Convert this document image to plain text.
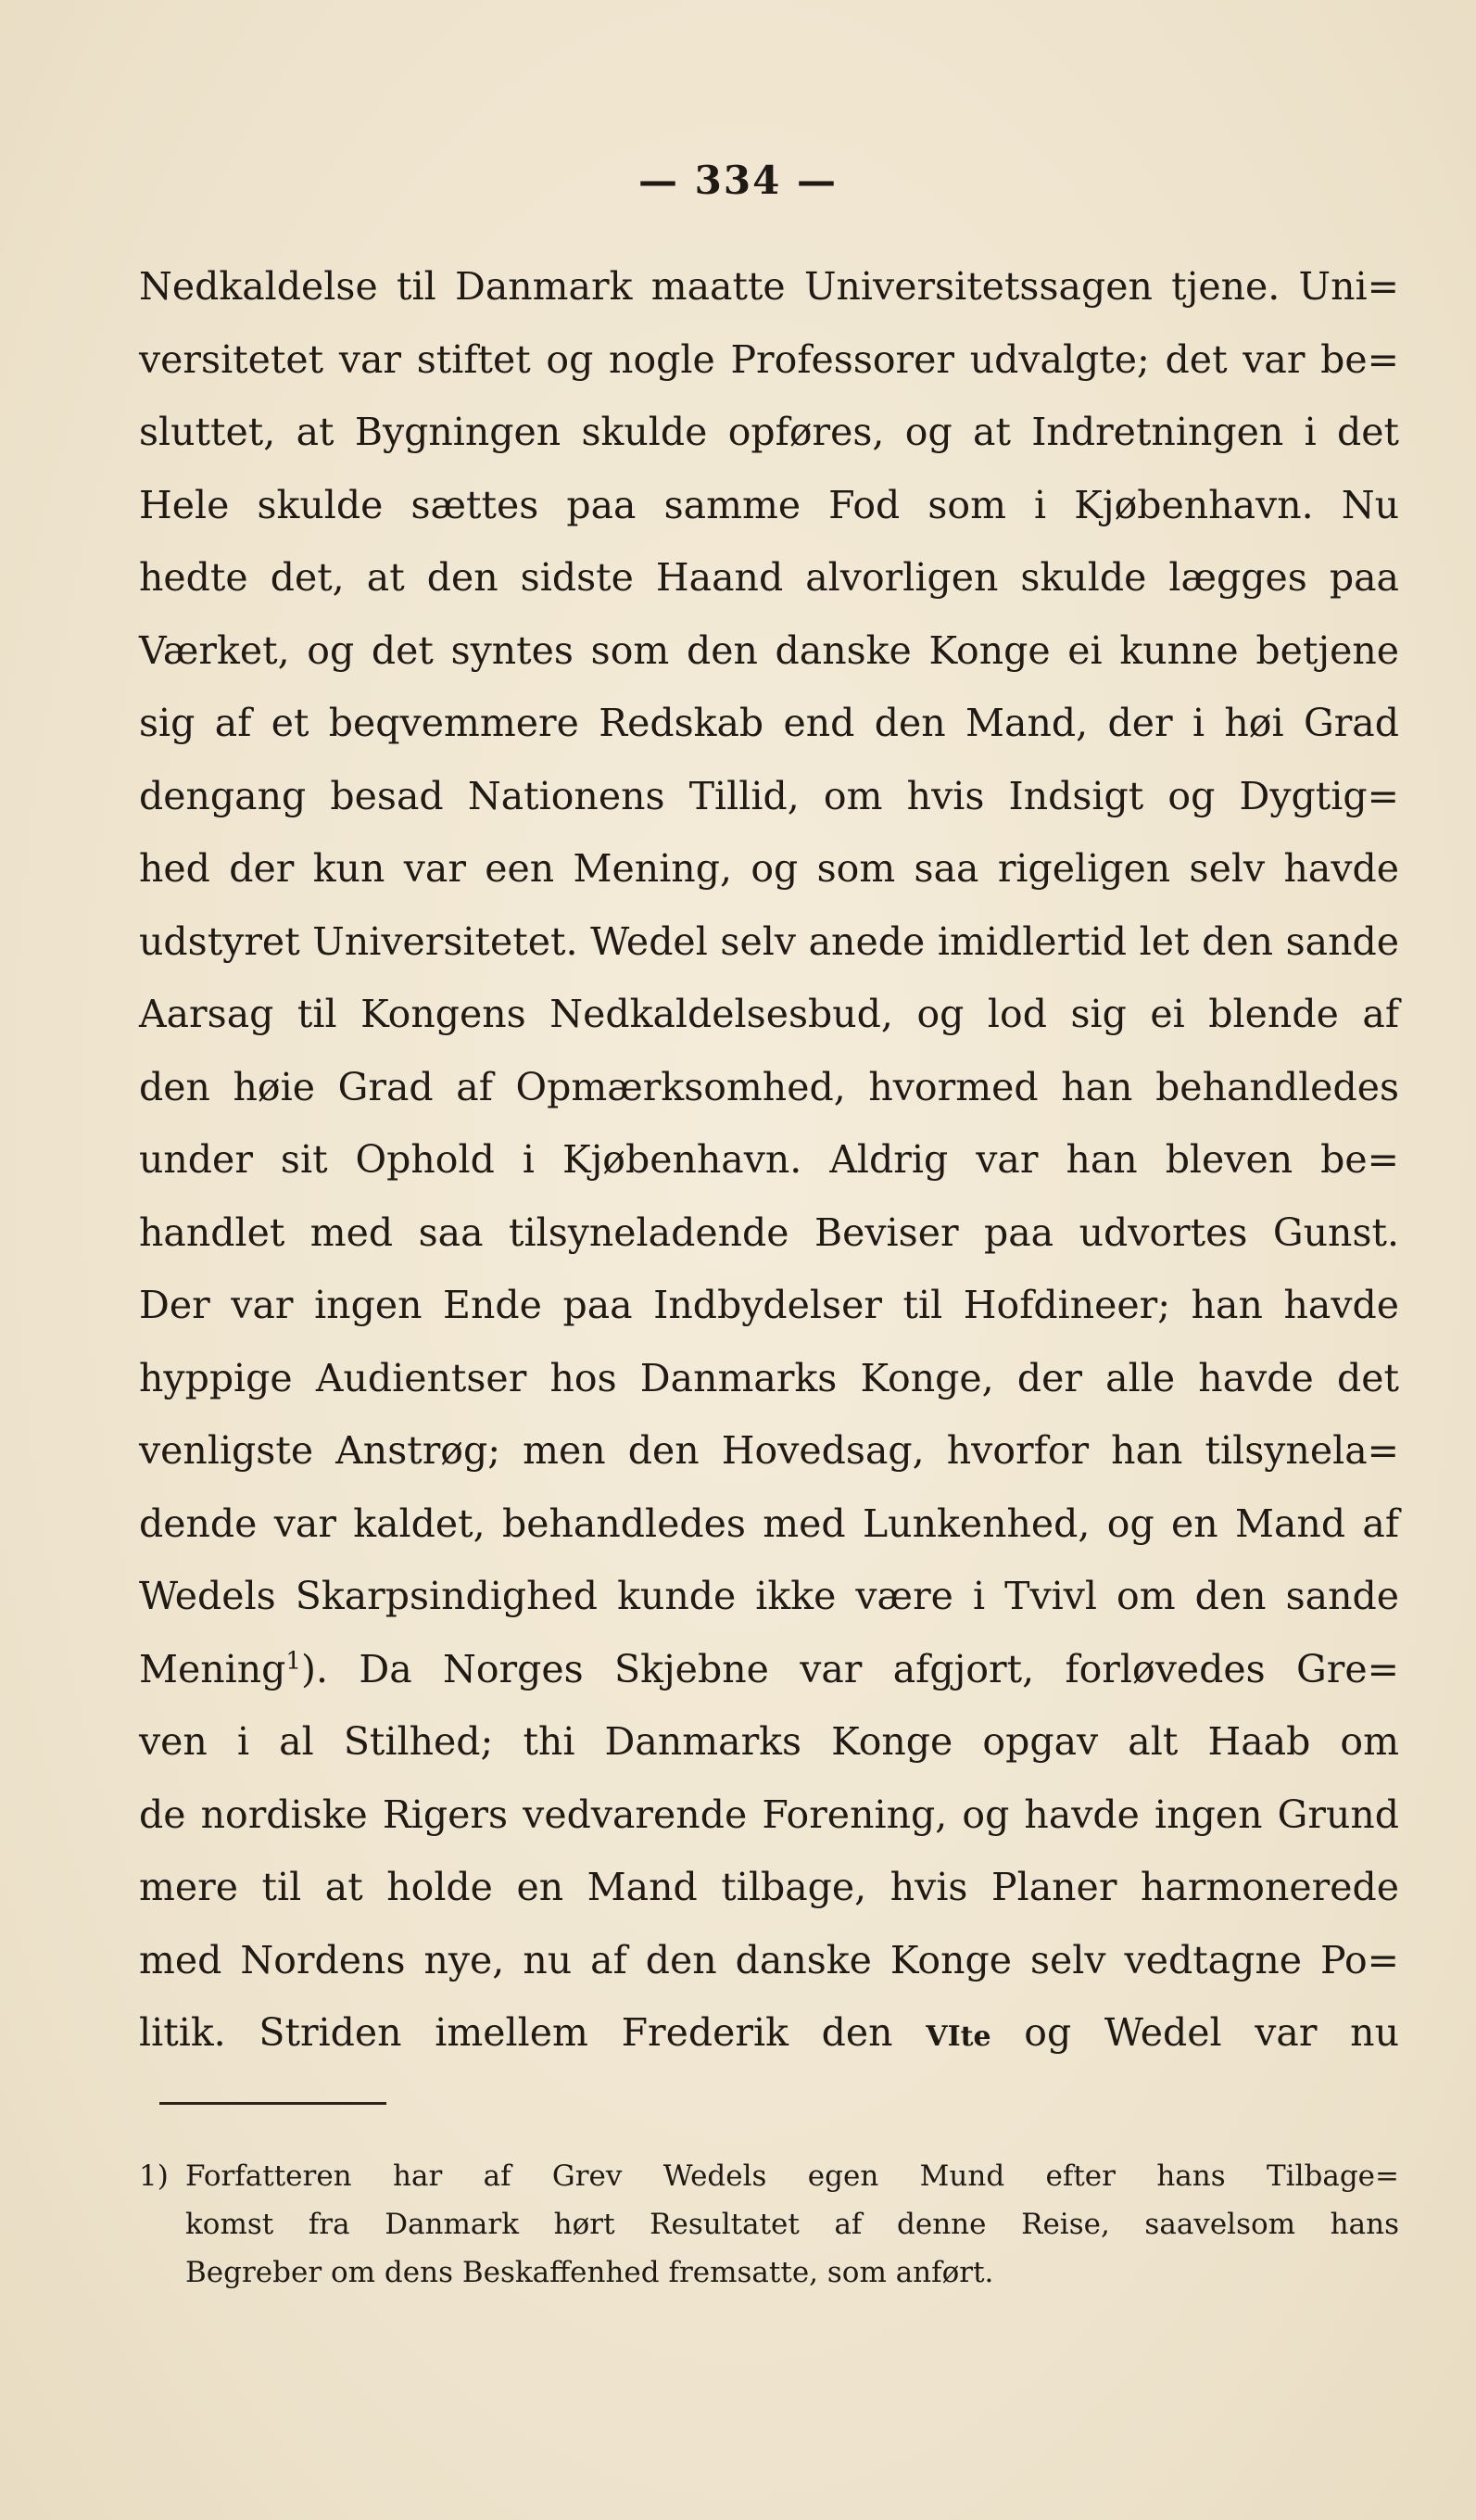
— 334 —
Nedkaldelse til Danmark maatte Universitetssagen tjene. Uni=
versitetet var stiftet og nogle Professorer udvalgte; det var be=
sluttet, at Bygningen skulde opføres, og at Indretningen i det
Hele skulde sættes paa samme Fod som i Kjøbenhavn. Nu
hedte det, at den sidste Haand alvorligen skulde lægges paa
Værket, og det syntes som den danske Konge ei kunne betjene
sig af et beqvemmere Redskab end den Mand, der i høi Grad
dengang besad Nationens Tillid, om hvis Indsigt og Dygtig=
hed der kun var een Mening, og som saa rigeligen selv havde
udstyret Universitetet. Wedel selv anede imidlertid let den sande
Aarsag til Kongens Nedkaldelsesbud, og lod sig ei blende af
den høie Grad af Opmærksomhed, hvormed han behandledes
under sit Ophold i Kjøbenhavn. Aldrig var han bleven be=
handlet med saa tilsyneladende Beviser paa udvortes Gunst.
Der var ingen Ende paa Indbydelser til Hofdineer; han havde
hyppige Audientser hos Danmarks Konge, der alle havde det
venligste Anstrøg; men den Hovedsag, hvorfor han tilsynela=
dende var kaldet, behandledes med Lunkenhed, og en Mand af
Wedels Skarpsindighed kunde ikke være i Tvivl om den sande
Mening$^1$). Da Norges Skjebne var afgjort, forløvedes Gre=
ven i al Stilhed; thi Danmarks Konge opgav alt Haab om
de nordiske Rigers vedvarende Forening, og havde ingen Grund
mere til at holde en Mand tilbage, hvis Planer harmonerede
med Nordens nye, nu af den danske Konge selv vedtagne Po=
litik. Striden imellem Frederik den VIte og Wedel var nu
1) Forfatteren har af Grev Wedels egen Mund efter hans Tilbage=
komst fra Danmark hørt Resultatet af denne Reise, saavelsom hans
Begreber om dens Beskaffenhed fremsatte, som anført.
